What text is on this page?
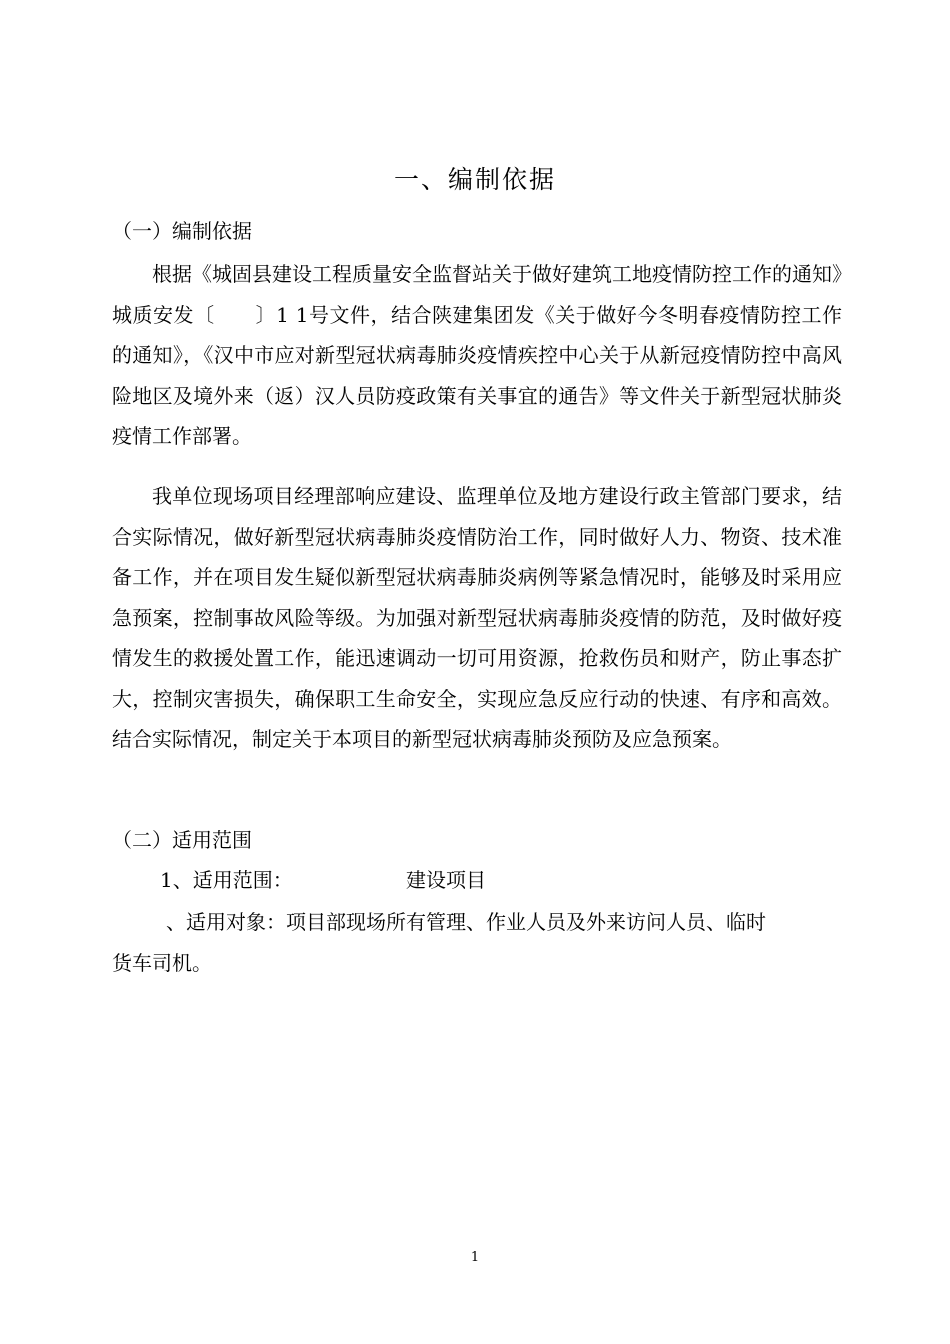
一、编制依据
（一）编制依据

根据《城固县建设工程质量安全监督站关于做好建筑工地疫情防控工作的通知》城质安发〔　　〕1 1号文件，结合陕建集团发《关于做好今冬明春疫情防控工作的通知》，《汉中市应对新型冠状病毒肺炎疫情疾控中心关于从新冠疫情防控中高风险地区及境外来（返）汉人员防疫政策有关事宜的通告》等文件关于新型冠状肺炎疫情工作部署。

我单位现场项目经理部响应建设、监理单位及地方建设行政主管部门要求，结合实际情况，做好新型冠状病毒肺炎疫情防治工作，同时做好人力、物资、技术准备工作，并在项目发生疑似新型冠状病毒肺炎病例等紧急情况时，能够及时采用应急预案，控制事故风险等级。为加强对新型冠状病毒肺炎疫情的防范，及时做好疫情发生的救援处置工作，能迅速调动一切可用资源，抢救伤员和财产，防止事态扩大，控制灾害损失，确保职工生命安全，实现应急反应行动的快速、有序和高效。结合实际情况，制定关于本项目的新型冠状病毒肺炎预防及应急预案。

（二）适用范围
1、适用范围：	建设项目
、适用对象：项目部现场所有管理、作业人员及外来访问人员、临时
货车司机。
1
